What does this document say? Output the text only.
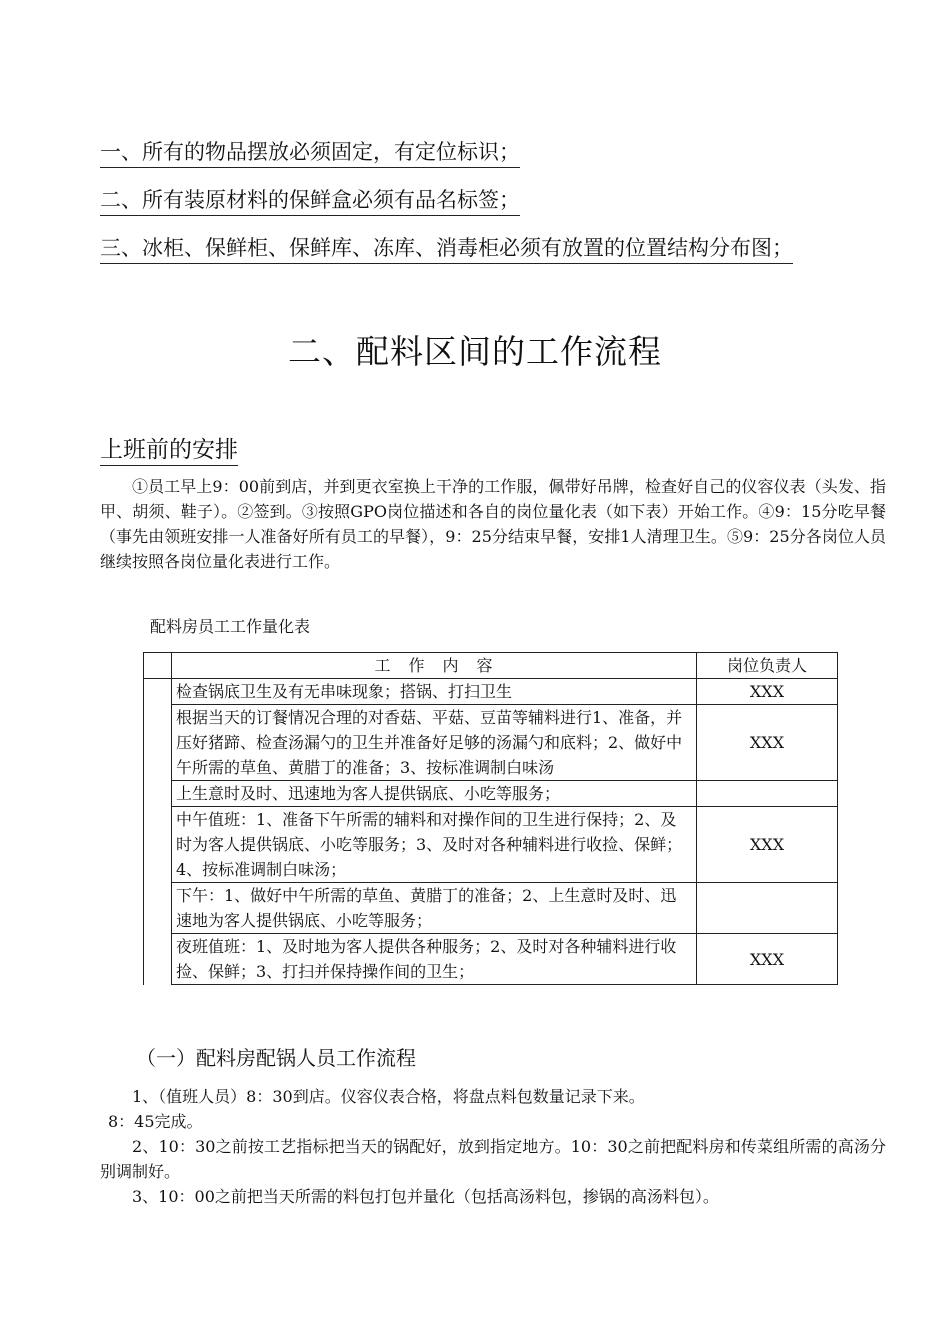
一、所有的物品摆放必须固定，有定位标识；
二、所有装原材料的保鲜盒必须有品名标签；
三、冰柜、保鲜柜、保鲜库、冻库、消毒柜必须有放置的位置结构分布图；
二、配料区间的工作流程
上班前的安排
①员工早上9：00前到店，并到更衣室换上干净的工作服，佩带好吊牌，检查好自己的仪容仪表（头发、指甲、胡须、鞋子）。②签到。③按照GPO岗位描述和各自的岗位量化表（如下表）开始工作。④9：15分吃早餐（事先由领班安排一人准备好所有员工的早餐），9：25分结束早餐，安排1人清理卫生。⑤9：25分各岗位人员继续按照各岗位量化表进行工作。
配料房员工工作量化表
	工　作　内　容	岗位负责人
	检查锅底卫生及有无串味现象；搭锅、打扫卫生	XXX
	根据当天的订餐情况合理的对香菇、平菇、豆苗等辅料进行1、准备，并压好猪蹄、检查汤漏勺的卫生并准备好足够的汤漏勺和底料；2、做好中午所需的草鱼、黄腊丁的准备；3、按标准调制白味汤	XXX
	上生意时及时、迅速地为客人提供锅底、小吃等服务；	
	中午值班：1、准备下午所需的辅料和对操作间的卫生进行保持；2、及时为客人提供锅底、小吃等服务；3、及时对各种辅料进行收捡、保鲜；4、按标准调制白味汤；	XXX
	下午：1、做好中午所需的草鱼、黄腊丁的准备；2、上生意时及时、迅速地为客人提供锅底、小吃等服务；	
	夜班值班：1、及时地为客人提供各种服务；2、及时对各种辅料进行收捡、保鲜；3、打扫并保持操作间的卫生；	XXX
（一）配料房配锅人员工作流程
1、（值班人员）8：30到店。仪容仪表合格，将盘点料包数量记录下来。
8：45完成。
2、10：30之前按工艺指标把当天的锅配好，放到指定地方。10：30之前把配料房和传菜组所需的高汤分别调制好。
3、10：00之前把当天所需的料包打包并量化（包括高汤料包，掺锅的高汤料包）。
